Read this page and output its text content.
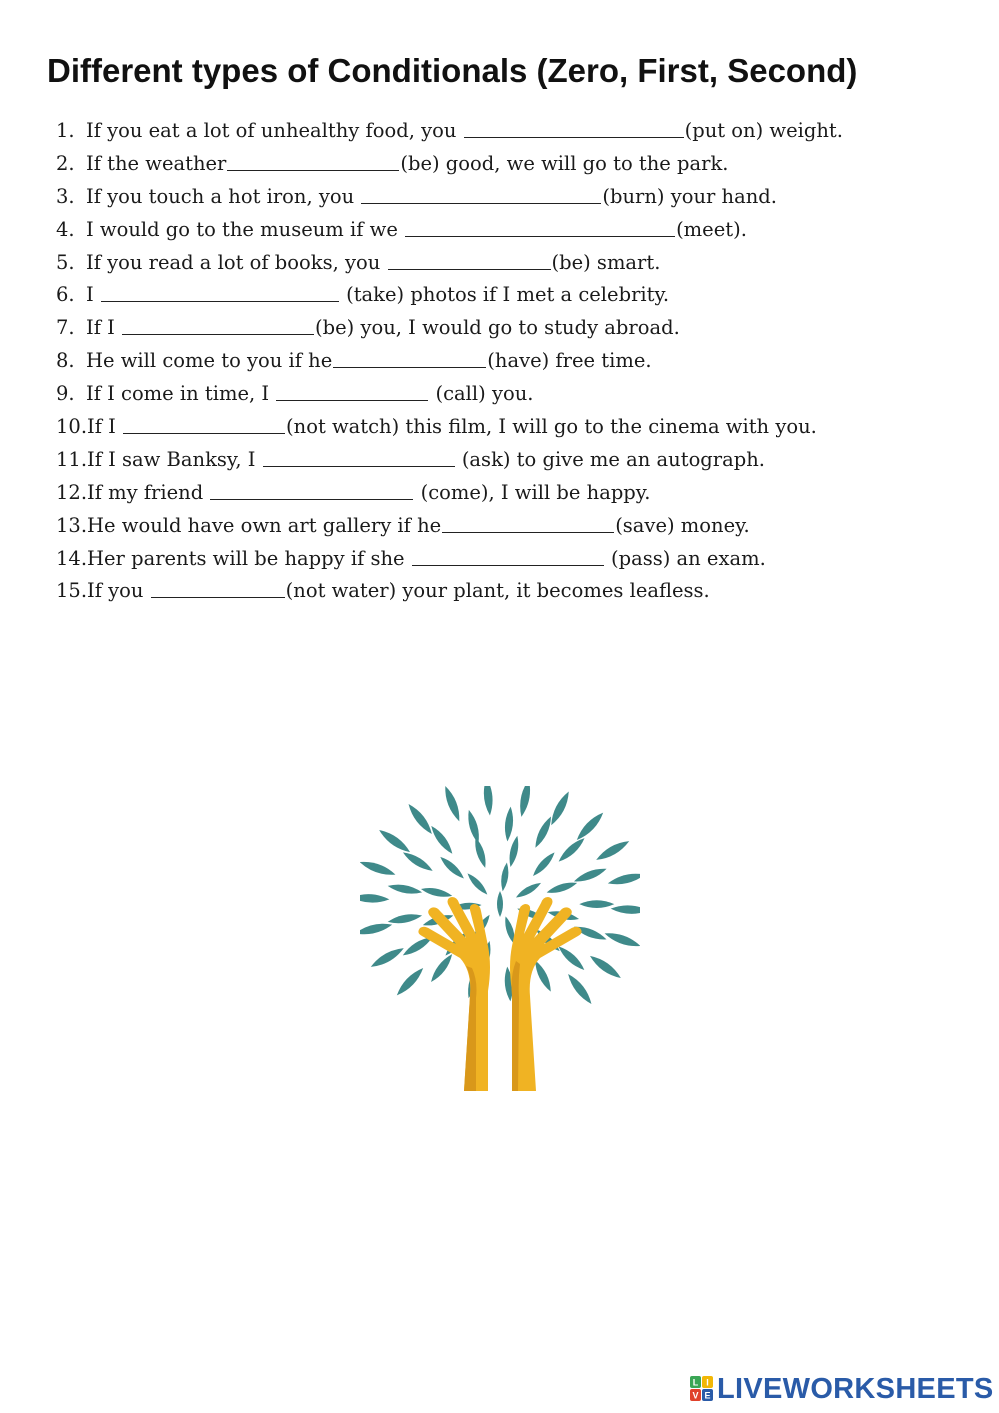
Different types of Conditionals (Zero, First, Second)
1. If you eat a lot of unhealthy food, you	(put on) weight.
2. If the weather	(be) good, we will go to the park.
3. If you touch a hot iron, you	(burn) your hand.
4. I would go to the museum if we	(meet).
5. If you read a lot of books, you	(be) smart.
6. I	(take) photos if I met a celebrity.
7. If I	(be) you, I would go to study abroad.
8. He will come to you if he	(have) free time.
9. If I come in time, I	(call) you.
10. If I	(not watch) this film, I will go to the cinema with you.
11. If I saw Banksy, I	(ask) to give me an autograph.
12. If my friend	(come), I will be happy.
13. He would have own art gallery if he	(save) money.
14. Her parents will be happy if she	(pass) an exam.
15. If you	(not water) your plant, it becomes leafless.
L I
V E LIVEWORKSHEETS
